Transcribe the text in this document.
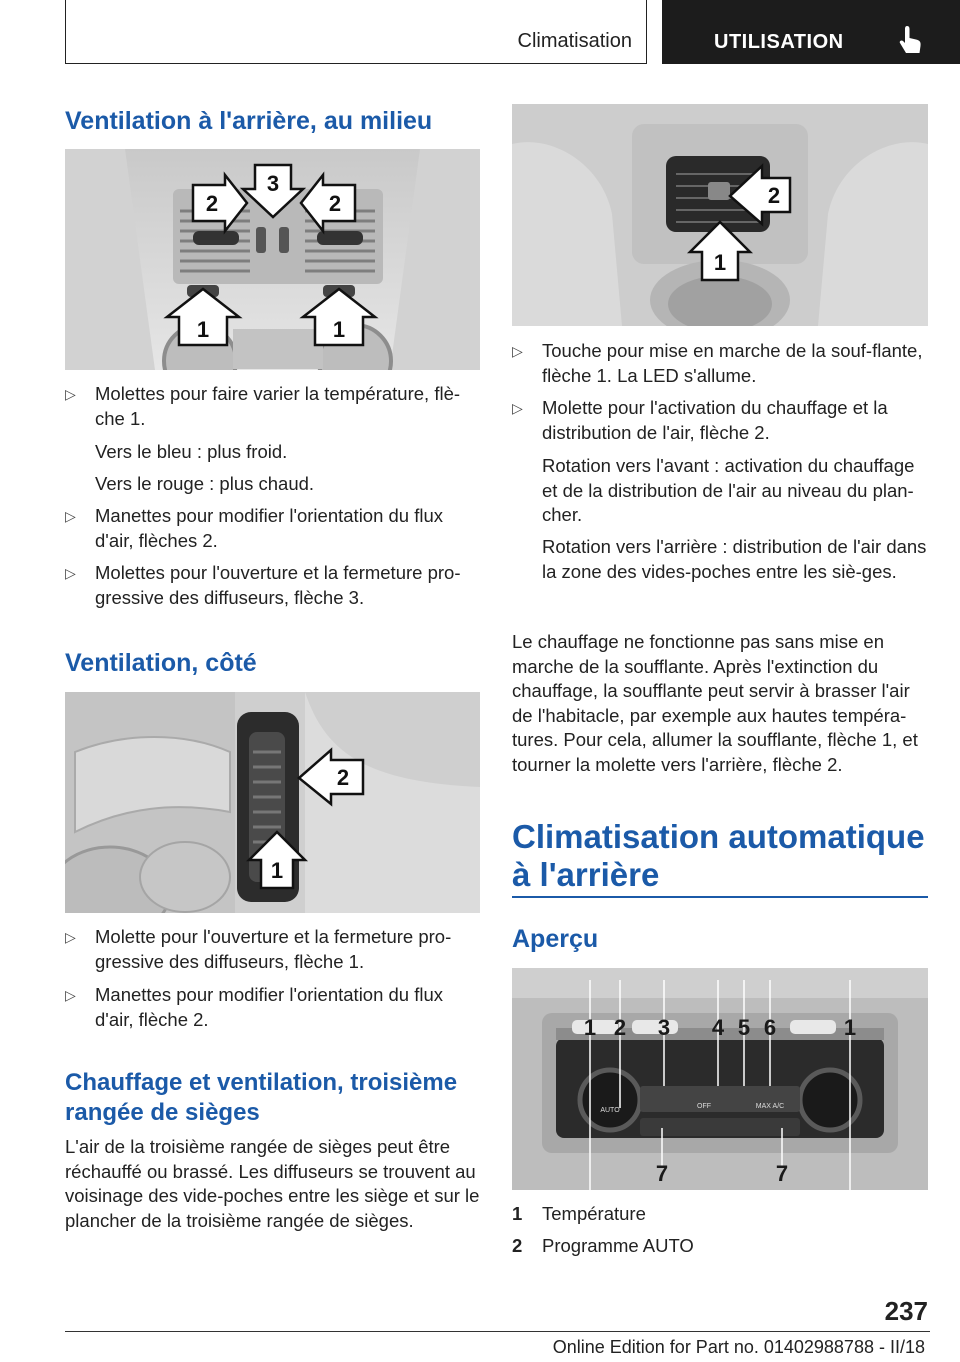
Climatisation	UTILISATION
Ventilation à l'arrière, au milieu
2
3
2
1	1
▷ Molettes pour faire varier la température, flè-che 1.
Vers le bleu : plus froid.
Vers le rouge : plus chaud.
▷ Manettes pour modifier l'orientation du flux d'air, flèches 2.
▷ Molettes pour l'ouverture et la fermeture pro-gressive des diffuseurs, flèche 3.
Ventilation, côté
2
1
▷ Molette pour l'ouverture et la fermeture pro-gressive des diffuseurs, flèche 1.
▷ Manettes pour modifier l'orientation du flux d'air, flèche 2.
Chauffage et ventilation, troisième rangée de sièges
L'air de la troisième rangée de sièges peut être réchauffé ou brassé. Les diffuseurs se trouvent au voisinage des vide-poches entre les siège et sur le plancher de la troisième rangée de sièges.
2
1
▷ Touche pour mise en marche de la souf-flante, flèche 1. La LED s'allume.
▷ Molette pour l'activation du chauffage et la distribution de l'air, flèche 2.
Rotation vers l'avant : activation du chauffage et de la distribution de l'air au niveau du plan-cher.
Rotation vers l'arrière : distribution de l'air dans la zone des vides-poches entre les siè-ges.
Le chauffage ne fonctionne pas sans mise en marche de la soufflante. Après l'extinction du chauffage, la soufflante peut servir à brasser l'air de l'habitacle, par exemple aux hautes tempéra-tures. Pour cela, allumer la soufflante, flèche 1, et tourner la molette vers l'arrière, flèche 2.
Climatisation automatique à l'arrière
Aperçu
1 2 3 4 5 6	1
7	7
AUTO
OFF	MAX A/C
1 Température
2 Programme AUTO
237
Online Edition for Part no. 01402988788 - II/18
